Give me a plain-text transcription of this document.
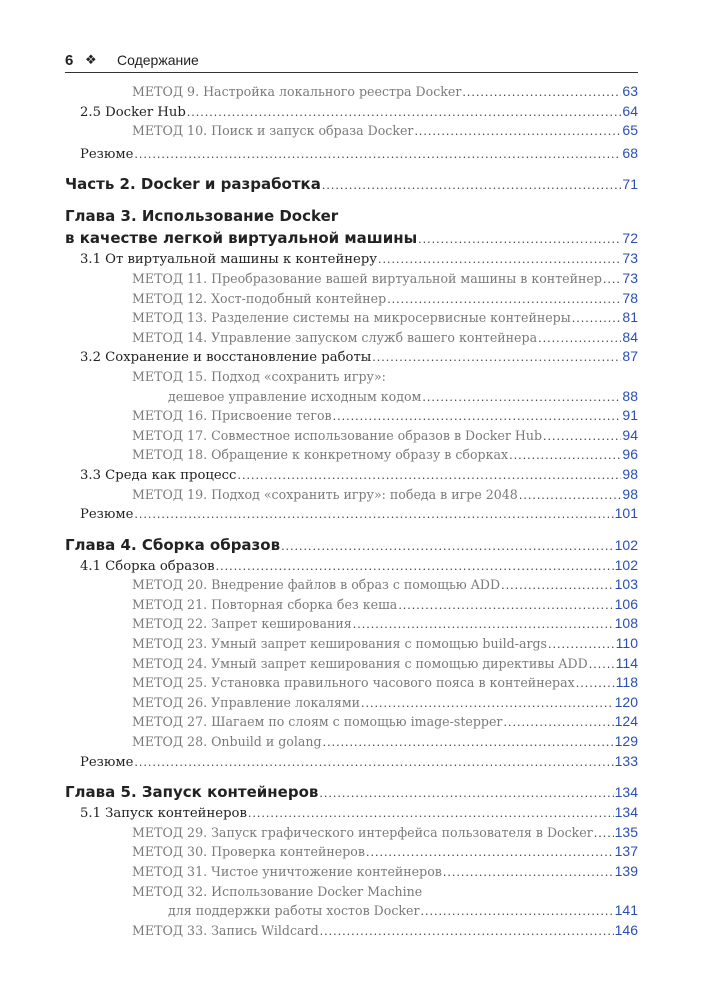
6 ❖	Содержание
МЕТОД 9. Настройка локального реестра Docker .....	63
2.5 Docker Hub .....	64
МЕТОД 10. Поиск и запуск образа Docker .....	65
Резюме .....	68
Часть 2. Docker и разработка .....	71
Глава 3. Использование Docker
в качестве легкой виртуальной машины .....	72
3.1 От виртуальной машины к контейнеру .....	73
МЕТОД 11. Преобразование вашей виртуальной машины в контейнер ..... 73
МЕТОД 12. Хост-подобный контейнер .....	78
МЕТОД 13. Разделение системы на микросервисные контейнеры .....	81
МЕТОД 14. Управление запуском служб вашего контейнера .....	84
3.2 Сохранение и восстановление работы .....	87
МЕТОД 15. Подход «сохранить игру»:
дешевое управление исходным кодом .....	88
МЕТОД 16. Присвоение тегов .....	91
МЕТОД 17. Совместное использование образов в Docker Hub .....	94
МЕТОД 18. Обращение к конкретному образу в сборках .....	96
3.3 Среда как процесс .....	98
МЕТОД 19. Подход «сохранить игру»: победа в игре 2048 .....	98
Резюме .....	101
Глава 4. Сборка образов .....	102
4.1 Сборка образов .....	102
МЕТОД 20. Внедрение файлов в образ с помощью ADD .....	103
МЕТОД 21. Повторная сборка без кеша .....	106
МЕТОД 22. Запрет кеширования .....	108
МЕТОД 23. Умный запрет кеширования с помощью build-args .....	110
МЕТОД 24. Умный запрет кеширования с помощью директивы ADD ..... 114
МЕТОД 25. Установка правильного часового пояса в контейнерах .....	118
МЕТОД 26. Управление локалями .....	120
МЕТОД 27. Шагаем по слоям с помощью image-stepper .....	124
МЕТОД 28. Onbuild и golang .....	129
Резюме .....	133
Глава 5. Запуск контейнеров .....	134
5.1 Запуск контейнеров .....	134
МЕТОД 29. Запуск графического интерфейса пользователя в Docker ..... 135
МЕТОД 30. Проверка контейнеров .....	137
МЕТОД 31. Чистое уничтожение контейнеров .....	139
МЕТОД 32. Использование Docker Machine
для поддержки работы хостов Docker .....	141
МЕТОД 33. Запись Wildcard .....	146
